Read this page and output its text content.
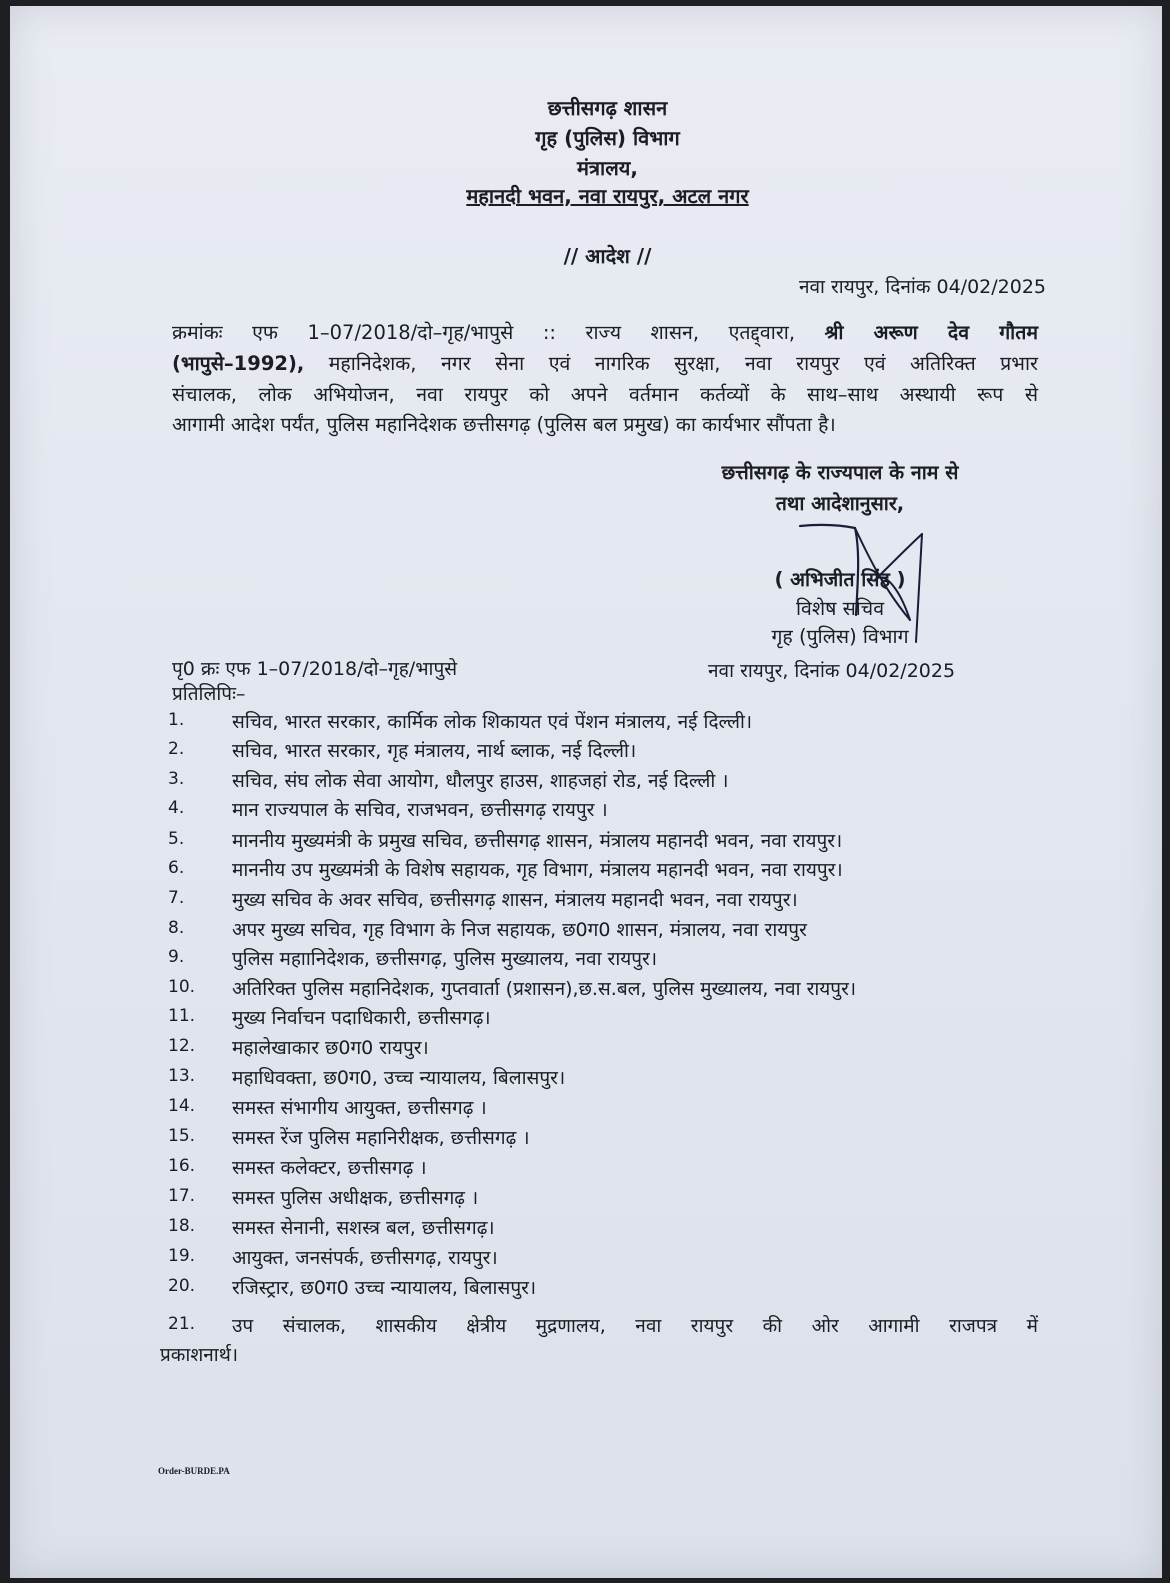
छत्तीसगढ़ शासन
गृह (पुलिस) विभाग
मंत्रालय,
महानदी भवन, नवा रायपुर, अटल नगर
// आदेश //
नवा रायपुर, दिनांक 04/02/2025
क्रमांकः एफ 1–07/2018/दो–गृह/भापुसे :: राज्य शासन, एतद्द्वारा, श्री अरूण देव गौतम
(भापुसे–1992), महानिदेशक, नगर सेना एवं नागरिक सुरक्षा, नवा रायपुर एवं अतिरिक्त प्रभार
संचालक, लोक अभियोजन, नवा रायपुर को अपने वर्तमान कर्तव्यों के साथ–साथ अस्थायी रूप से
आगामी आदेश पर्यंत, पुलिस महानिदेशक छत्तीसगढ़ (पुलिस बल प्रमुख) का कार्यभार सौंपता है।
छत्तीसगढ़ के राज्यपाल के नाम से
तथा आदेशानुसार,
( अभिजीत सिंह )
विशेष सचिव
गृह (पुलिस) विभाग
पृ0 क्रः एफ 1–07/2018/दो–गृह/भापुसे	नवा रायपुर, दिनांक 04/02/2025
प्रतिलिपिः–
1.	सचिव, भारत सरकार, कार्मिक लोक शिकायत एवं पेंशन मंत्रालय, नई दिल्ली।
2.	सचिव, भारत सरकार, गृह मंत्रालय, नार्थ ब्लाक, नई दिल्ली।
3.	सचिव, संघ लोक सेवा आयोग, धौलपुर हाउस, शाहजहां रोड, नई दिल्ली ।
4.	मान राज्यपाल के सचिव, राजभवन, छत्तीसगढ़ रायपुर ।
5.	माननीय मुख्यमंत्री के प्रमुख सचिव, छत्तीसगढ़ शासन, मंत्रालय महानदी भवन, नवा रायपुर।
6.	माननीय उप मुख्यमंत्री के विशेष सहायक, गृह विभाग, मंत्रालय महानदी भवन, नवा रायपुर।
7.	मुख्य सचिव के अवर सचिव, छत्तीसगढ़ शासन, मंत्रालय महानदी भवन, नवा रायपुर।
8.	अपर मुख्य सचिव, गृह विभाग के निज सहायक, छ0ग0 शासन, मंत्रालय, नवा रायपुर
9.	पुलिस महाानिदेशक, छत्तीसगढ़, पुलिस मुख्यालय, नवा रायपुर।
10.	अतिरिक्त पुलिस महानिदेशक, गुप्तवार्ता (प्रशासन),छ.स.बल, पुलिस मुख्यालय, नवा रायपुर।
11.	मुख्य निर्वाचन पदाधिकारी, छत्तीसगढ़।
12.	महालेखाकार छ0ग0 रायपुर।
13.	महाधिवक्ता, छ0ग0, उच्च न्यायालय, बिलासपुर।
14.	समस्त संभागीय आयुक्त, छत्तीसगढ़ ।
15.	समस्त रेंज पुलिस महानिरीक्षक, छत्तीसगढ़ ।
16.	समस्त कलेक्टर, छत्तीसगढ़ ।
17.	समस्त पुलिस अधीक्षक, छत्तीसगढ़ ।
18.	समस्त सेनानी, सशस्त्र बल, छत्तीसगढ़।
19.	आयुक्त, जनसंपर्क, छत्तीसगढ़, रायपुर।
20.	रजिस्ट्रार, छ0ग0 उच्च न्यायालय, बिलासपुर।
21.	उप संचालक, शासकीय क्षेत्रीय मुद्रणालय, नवा रायपुर की ओर आगामी राजपत्र में
प्रकाशनार्थ।
Order-BURDE.PA
